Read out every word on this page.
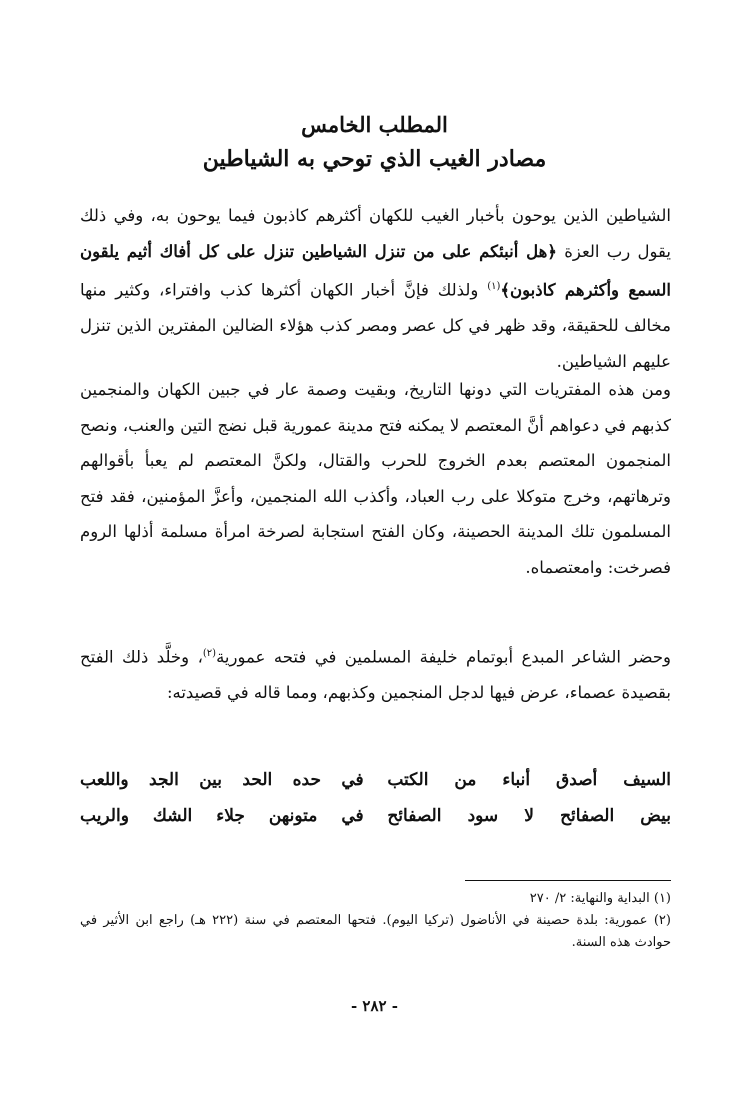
المطلب الخامس
مصادر الغيب الذي توحي به الشياطين

الشياطين الذين يوحون بأخبار الغيب للكهان أكثرهم كاذبون فيما يوحون به، وفي ذلك يقول رب العزة ﴿هل أنبئكم على من تنزل الشياطين تنزل على كل أفاك أثيم يلقون السمع وأكثرهم كاذبون﴾$^{(١)}$ ولذلك فإنَّ أخبار الكهان أكثرها كذب وافتراء، وكثير منها مخالف للحقيقة، وقد ظهر في كل عصر ومصر كذب هؤلاء الضالين المفترين الذين تنزل عليهم الشياطين.

ومن هذه المفتريات التي دونها التاريخ، وبقيت وصمة عار في جبين الكهان والمنجمين كذبهم في دعواهم أنَّ المعتصم لا يمكنه فتح مدينة عمورية قبل نضج التين والعنب، ونصح المنجمون المعتصم بعدم الخروج للحرب والقتال، ولكنَّ المعتصم لم يعبأ بأقوالهم وترهاتهم، وخرج متوكلا على رب العباد، وأكذب الله المنجمين، وأعزَّ المؤمنين، فقد فتح المسلمون تلك المدينة الحصينة، وكان الفتح استجابة لصرخة امرأة مسلمة أذلها الروم فصرخت: وامعتصماه.

وحضر الشاعر المبدع أبوتمام خليفة المسلمين في فتحه عمورية$^{(٢)}$، وخلَّد ذلك الفتح بقصيدة عصماء، عرض فيها لدجل المنجمين وكذبهم، ومما قاله في قصيدته:

السيف أصدق أنباء من الكتب
في حده الحد بين الجد واللعب
بيض الصفائح لا سود الصفائح
في متونهن جلاء الشك والريب

(١) البداية والنهاية: ٢/ ٢٧٠

(٢) عمورية: بلدة حصينة في الأناضول (تركيا اليوم). فتحها المعتصم في سنة (٢٢٢ هـ) راجع ابن الأثير في حوادث هذه السنة.

- ٢٨٢ -
